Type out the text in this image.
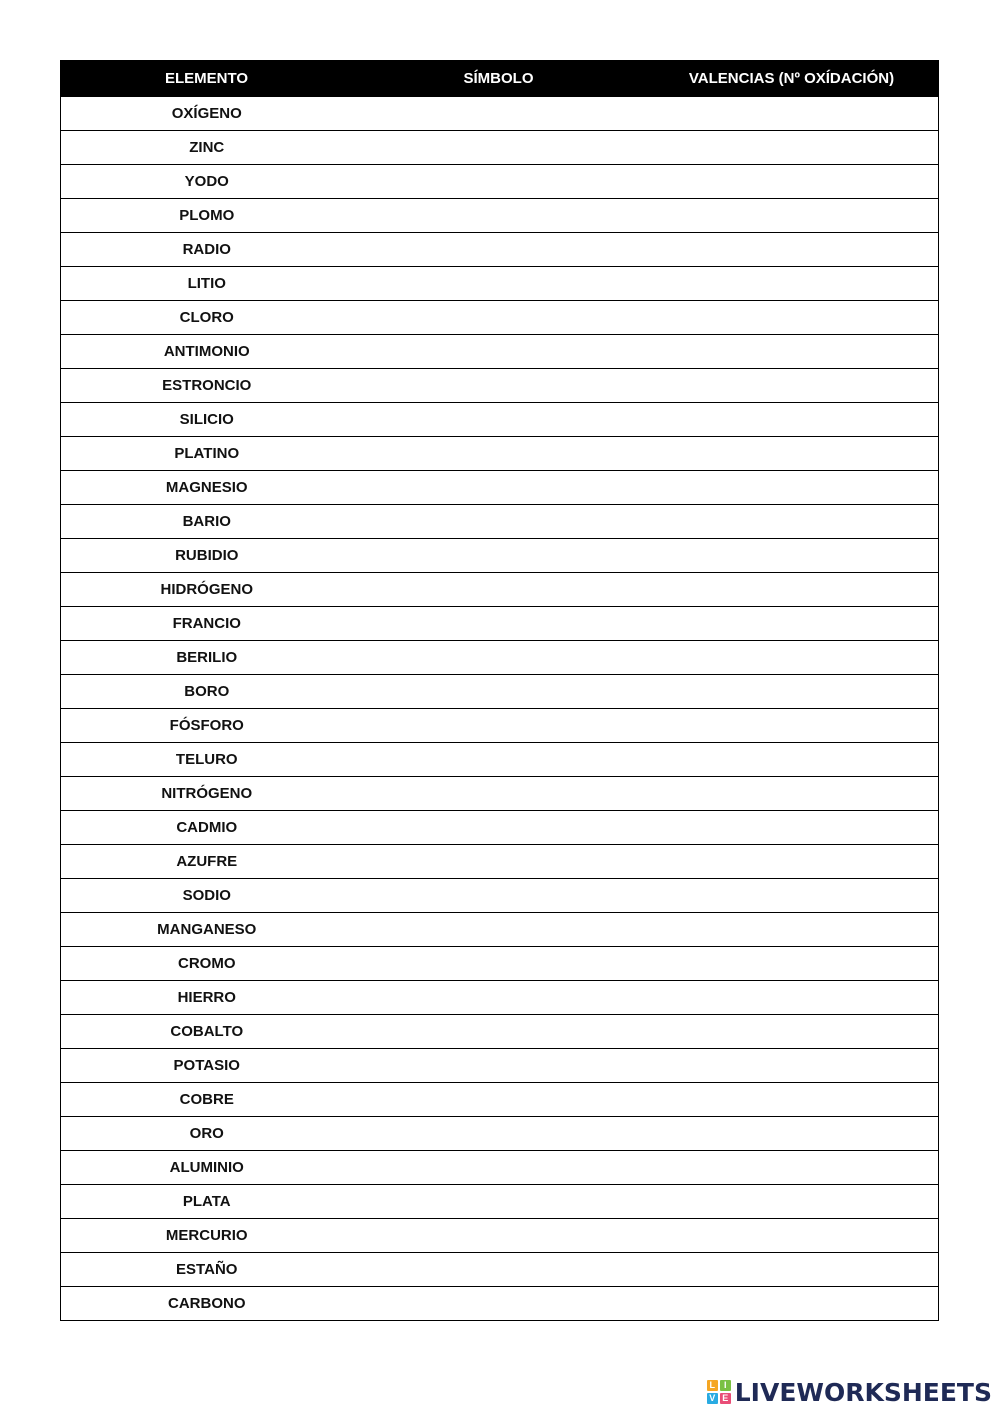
ELEMENTO	SÍMBOLO	VALENCIAS (Nº OXÍDACIÓN)
OXÍGENO		
ZINC		
YODO		
PLOMO		
RADIO		
LITIO		
CLORO		
ANTIMONIO		
ESTRONCIO		
SILICIO		
PLATINO		
MAGNESIO		
BARIO		
RUBIDIO		
HIDRÓGENO		
FRANCIO		
BERILIO		
BORO		
FÓSFORO		
TELURO		
NITRÓGENO		
CADMIO		
AZUFRE		
SODIO		
MANGANESO		
CROMO		
HIERRO		
COBALTO		
POTASIO		
COBRE		
ORO		
ALUMINIO		
PLATA		
MERCURIO		
ESTAÑO		
CARBONO		
L I
V E LIVEWORKSHEETS
